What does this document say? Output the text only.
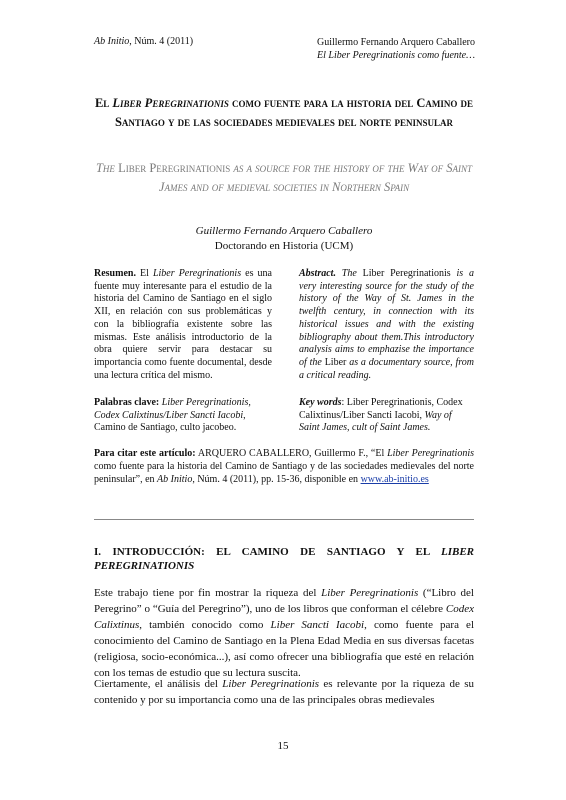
Ab Initio, Núm. 4 (2011)	Guillermo Fernando Arquero Caballero
El Liber Peregrinationis como fuente…
El Liber Peregrinationis como fuente para la historia del Camino de Santiago y de las sociedades medievales del norte peninsular
The Liber Peregrinationis as a source for the history of the Way of Saint James and of medieval societies in Northern Spain
Guillermo Fernando Arquero Caballero
Doctorando en Historia (UCM)
Resumen. El Liber Peregrinationis es una fuente muy interesante para el estudio de la historia del Camino de Santiago en el siglo XII, en relación con sus problemáticas y con la bibliografía existente sobre las mismas. Este análisis introductorio de la obra quiere servir para destacar su importancia como fuente documental, desde una lectura crítica del mismo.
Abstract. The Liber Peregrinationis is a very interesting source for the study of the history of the Way of St. James in the twelfth century, in connection with its historical issues and with the existing bibliography about them.This introductory analysis aims to emphazise the importance of the Liber as a documentary source, from a critical reading.
Palabras clave: Liber Peregrinationis, Codex Calixtinus/Liber Sancti Iacobi, Camino de Santiago, culto jacobeo.
Key words: Liber Peregrinationis, Codex Calixtinus/Liber Sancti Iacobi, Way of Saint James, cult of Saint James.
Para citar este artículo: ARQUERO CABALLERO, Guillermo F., “El Liber Peregrinationis como fuente para la historia del Camino de Santiago y de las sociedades medievales del norte peninsular”, en Ab Initio, Núm. 4 (2011), pp. 15-36, disponible en www.ab-initio.es
I. INTRODUCCIÓN: EL CAMINO DE SANTIAGO Y EL LIBER PEREGRINATIONIS
Este trabajo tiene por fin mostrar la riqueza del Liber Peregrinationis (“Libro del Peregrino” o “Guía del Peregrino”), uno de los libros que conforman el célebre Codex Calixtinus, también conocido como Liber Sancti Iacobi, como fuente para el conocimiento del Camino de Santiago en la Plena Edad Media en sus diversas facetas (religiosa, socio-económica...), así como ofrecer una bibliografía que esté en relación con los temas de estudio que su lectura suscita.
Ciertamente, el análisis del Liber Peregrinationis es relevante por la riqueza de su contenido y por su importancia como una de las principales obras medievales
15
